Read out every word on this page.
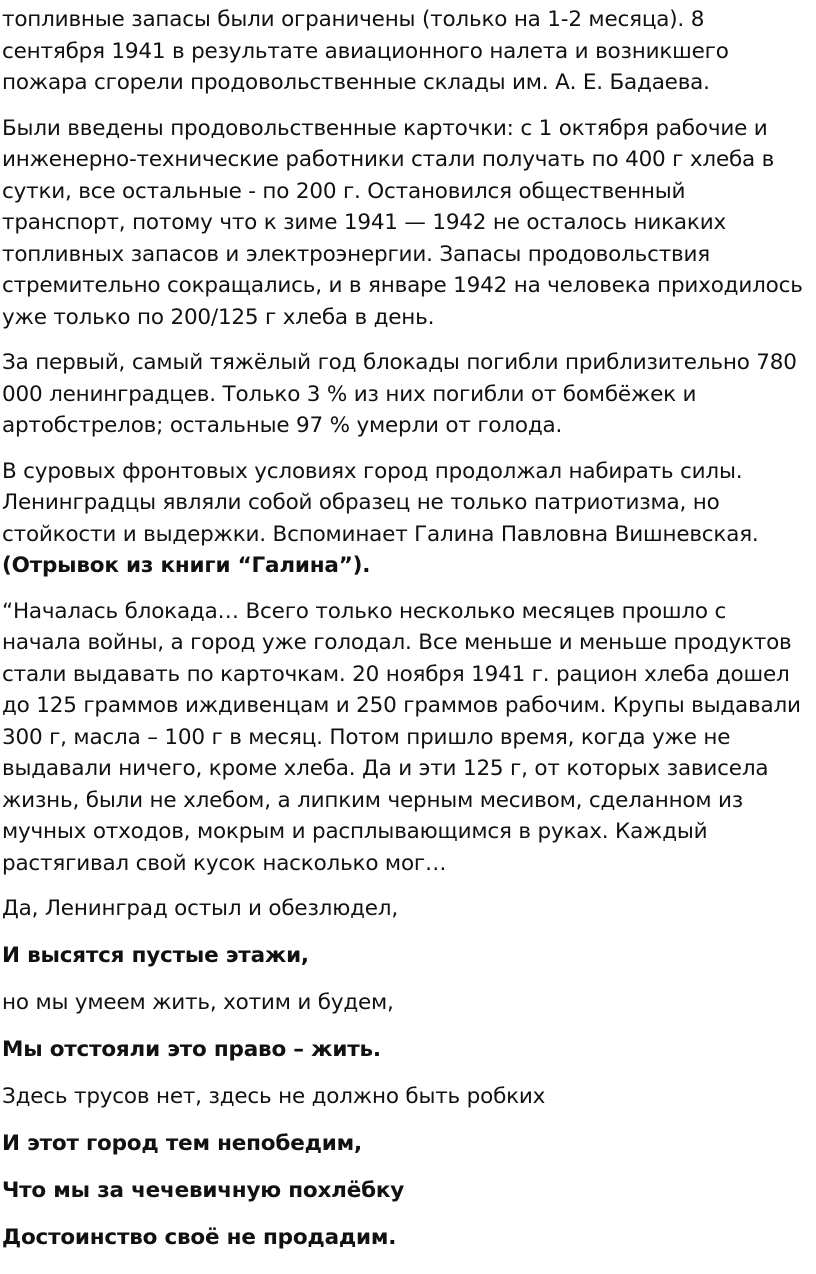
топливные запасы были ограничены (только на 1-2 месяца). 8 сентября 1941 в результате авиационного налета и возникшего пожара сгорели продовольственные склады им. А. Е. Бадаева.

Были введены продовольственные карточки: с 1 октября рабочие и инженерно-технические работники стали получать по 400 г хлеба в сутки, все остальные - по 200 г. Остановился общественный транспорт, потому что к зиме 1941 — 1942 не осталось никаких топливных запасов и электроэнергии. Запасы продовольствия стремительно сокращались, и в январе 1942 на человека приходилось уже только по 200/125 г хлеба в день.

За первый, самый тяжёлый год блокады погибли приблизительно 780 000 ленинградцев. Только 3 % из них погибли от бомбёжек и артобстрелов; остальные 97 % умерли от голода.

В суровых фронтовых условиях город продолжал набирать силы. Ленинградцы являли собой образец не только патриотизма, но стойкости и выдержки. Вспоминает Галина Павловна Вишневская. (Отрывок из книги “Галина”).

“Началась блокада… Всего только несколько месяцев прошло с начала войны, а город уже голодал. Все меньше и меньше продуктов стали выдавать по карточкам. 20 ноября 1941 г. рацион хлеба дошел до 125 граммов иждивенцам и 250 граммов рабочим. Крупы выдавали 300 г, масла – 100 г в месяц. Потом пришло время, когда уже не выдавали ничего, кроме хлеба. Да и эти 125 г, от которых зависела жизнь, были не хлебом, а липким черным месивом, сделанном из мучных отходов, мокрым и расплывающимся в руках. Каждый растягивал свой кусок насколько мог…

Да, Ленинград остыл и обезлюдел,

И высятся пустые этажи,

но мы умеем жить, хотим и будем,

Мы отстояли это право – жить.

Здесь трусов нет, здесь не должно быть робких

И этот город тем непобедим,

Что мы за чечевичную похлёбку

Достоинство своё не продадим.
